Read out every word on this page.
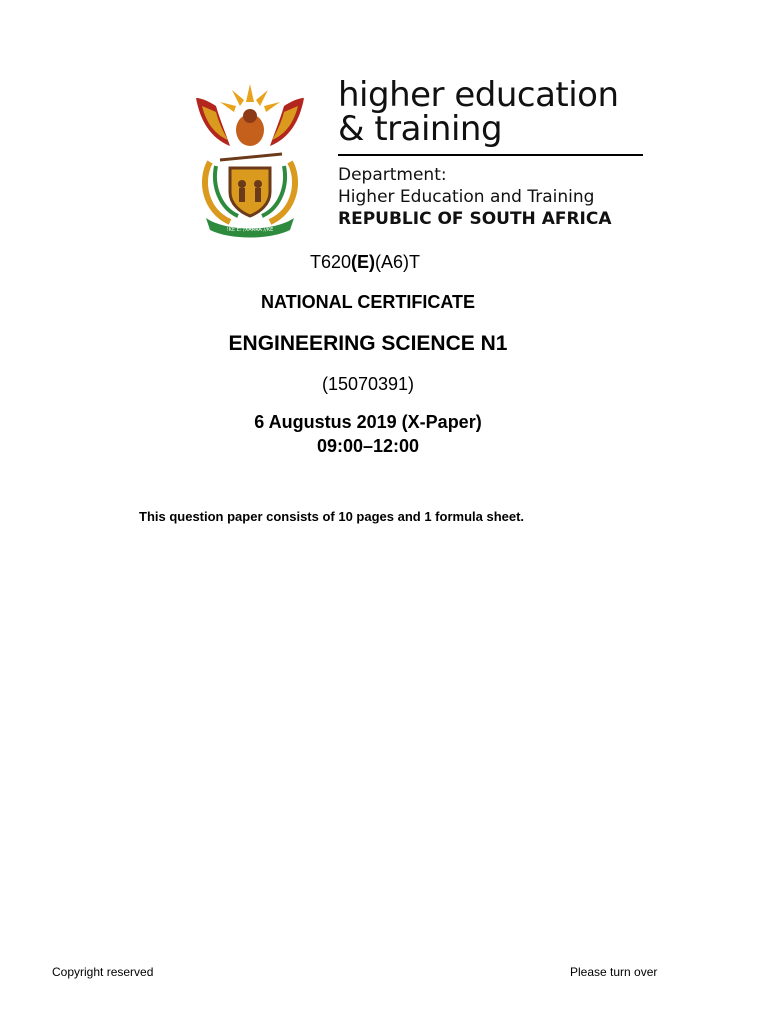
!KE E: /XARRA //KE
higher education
& training
Department:
Higher Education and Training
REPUBLIC OF SOUTH AFRICA
T620(E)(A6)T
NATIONAL CERTIFICATE
ENGINEERING SCIENCE N1
(15070391)
6 Augustus 2019 (X-Paper)
09:00–12:00
This question paper consists of 10 pages and 1 formula sheet.
Copyright reserved	Please turn over
